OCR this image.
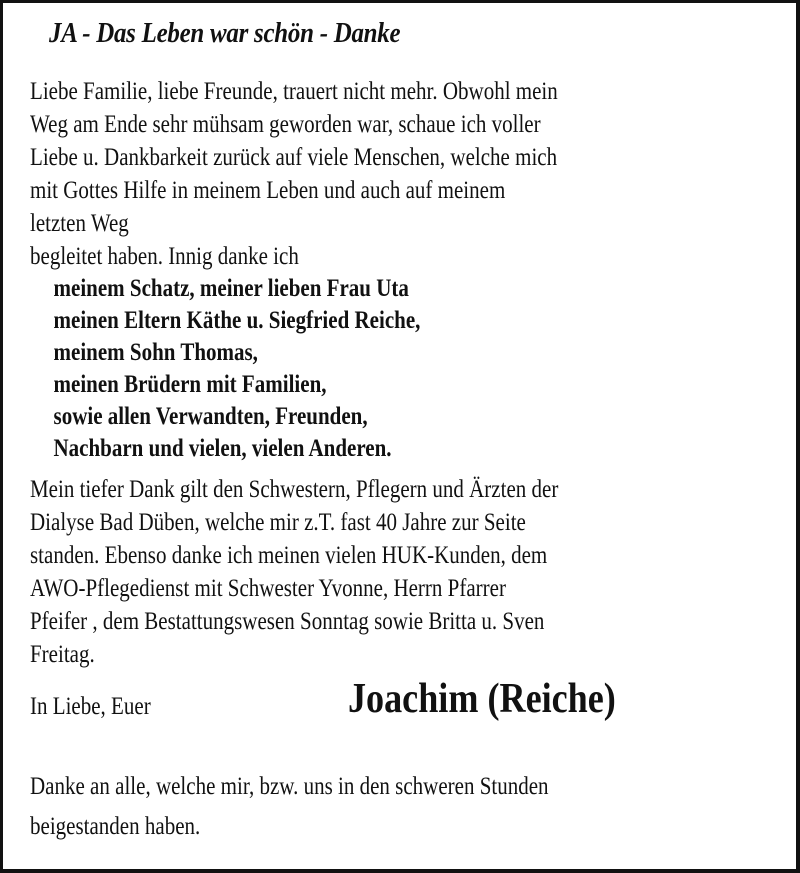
JA - Das Leben war schön - Danke
Liebe Familie, liebe Freunde, trauert nicht mehr. Obwohl mein
Weg am Ende sehr mühsam geworden war, schaue ich voller
Liebe u. Dankbarkeit zurück auf viele Menschen, welche mich
mit Gottes Hilfe in meinem Leben und auch auf meinem
letzten Weg
begleitet haben. Innig danke ich
meinem Schatz, meiner lieben Frau Uta
meinen Eltern Käthe u. Siegfried Reiche,
meinem Sohn Thomas,
meinen Brüdern mit Familien,
sowie allen Verwandten, Freunden,
Nachbarn und vielen, vielen Anderen.
Mein tiefer Dank gilt den Schwestern, Pflegern und Ärzten der
Dialyse Bad Düben, welche mir z.T. fast 40 Jahre zur Seite
standen. Ebenso danke ich meinen vielen HUK-Kunden, dem
AWO-Pflegedienst mit Schwester Yvonne, Herrn Pfarrer
Pfeifer , dem Bestattungswesen Sonntag sowie Britta u. Sven
Freitag.
In Liebe, Euer	Joachim (Reiche)
Danke an alle, welche mir, bzw. uns in den schweren Stunden
beigestanden haben.
